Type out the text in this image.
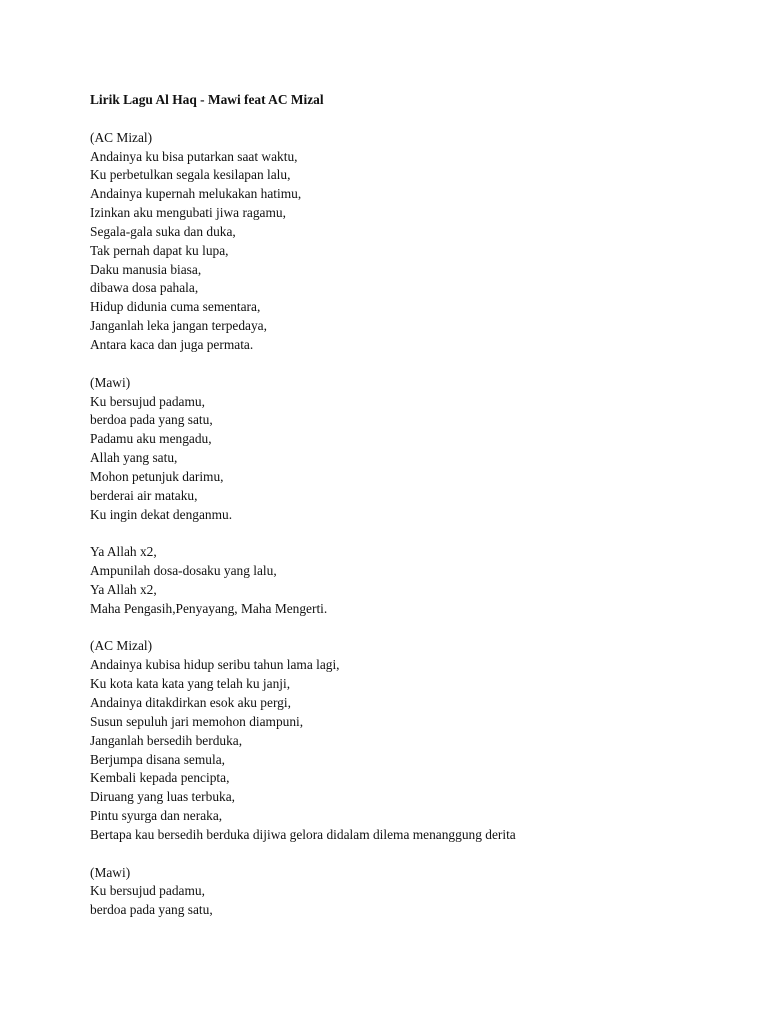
Lirik Lagu Al Haq - Mawi feat AC Mizal

(AC Mizal)

Andainya ku bisa putarkan saat waktu,

Ku perbetulkan segala kesilapan lalu,

Andainya kupernah melukakan hatimu,

Izinkan aku mengubati jiwa ragamu,

Segala-gala suka dan duka,

Tak pernah dapat ku lupa,

Daku manusia biasa,

dibawa dosa pahala,

Hidup didunia cuma sementara,

Janganlah leka jangan terpedaya,

Antara kaca dan juga permata.

(Mawi)

Ku bersujud padamu,

berdoa pada yang satu,

Padamu aku mengadu,

Allah yang satu,

Mohon petunjuk darimu,

berderai air mataku,

Ku ingin dekat denganmu.

Ya Allah x2,

Ampunilah dosa-dosaku yang lalu,

Ya Allah x2,

Maha Pengasih,Penyayang, Maha Mengerti.

(AC Mizal)

Andainya kubisa hidup seribu tahun lama lagi,

Ku kota kata kata yang telah ku janji,

Andainya ditakdirkan esok aku pergi,

Susun sepuluh jari memohon diampuni,

Janganlah bersedih berduka,

Berjumpa disana semula,

Kembali kepada pencipta,

Diruang yang luas terbuka,

Pintu syurga dan neraka,

Bertapa kau bersedih berduka dijiwa gelora didalam dilema menanggung derita

(Mawi)

Ku bersujud padamu,

berdoa pada yang satu,
